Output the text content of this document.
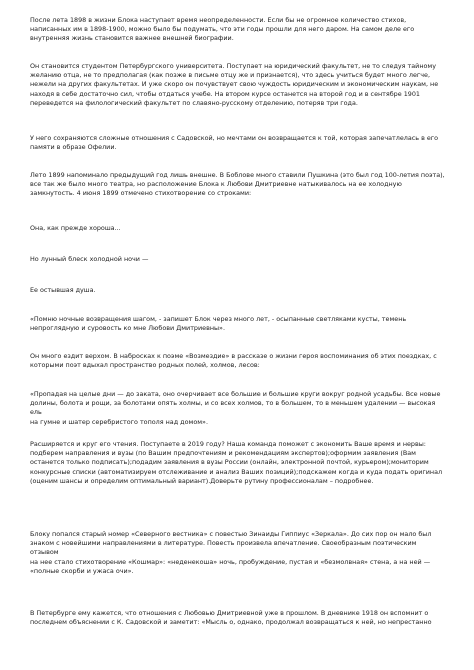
После лета 1898 в жизни Блока наступает время неопределенности. Если бы не огромное количество стихов,
написанных им в 1898-1900, можно было бы подумать, что эти годы прошли для него даром. На самом деле его
внутренняя жизнь становится важнее внешней биографии.

Он становится студентом Петербургского университета. Поступает на юридический факультет, не то следуя тайному
желанию отца, не то предполагая (как позже в письме отцу же и признается), что здесь учиться будет много легче,
нежели на других факультетах. И уже скоро он почувствует свою чуждость юридическим и экономическим наукам, не
находя в себе достаточно сил, чтобы отдаться учебе. На втором курсе останется на второй год и в сентябре 1901
переведется на филологический факультет по славяно-русскому отделению, потеряв три года.

У него сохраняются сложные отношения с Садовской, но мечтами он возвращается к той, которая запечатлелась в его
памяти в образе Офелии.

Лето 1899 напоминало предыдущий год лишь внешне. В Боблове много ставили Пушкина (это был год 100-летия поэта),
все так же было много театра, но расположение Блока к Любови Дмитриевне натыкивалось на ее холодную
замкнутость. 4 июня 1899 отмечено стихотворение со строками:

Она, как прежде хороша...

Но лунный блеск холодной ночи —

Ее остывшая душа.

«Помню ночные возвращения шагом, - запишет Блок через много лет, - осыпанные светляками кусты, темень
непроглядную и суровость ко мне Любови Дмитриевны».

Он много ездит верхом. В набросках к поэме «Возмездие» в рассказе о жизни героя воспоминания об этих поездках, с
которыми поэт вдыхал пространство родных полей, холмов, лесов:

«Пропадая на целые дни — до заката, оно очерчивает все большие и большие круги вокруг родной усадьбы. Все новые
долины, болота и рощи, за болотами опять холмы, и со всех холмов, то в большем, то в меньшем удалении — высокая ель
на гумне и шатер серебристого тополя над домом».

Расширяется и круг его чтения. Поступаете в 2019 году? Наша команда поможет с экономить Ваше время и нервы:
подберем направления и вузы (по Вашим предпочтениям и рекомендациям экспертов);оформим заявления (Вам
останется только подписать);подадим заявления в вузы России (онлайн, электронной почтой, курьером);мониторим
конкурсные списки (автоматизируем отслеживание и анализ Ваших позиций);подскажем когда и куда подать оригинал
(оценим шансы и определим оптимальный вариант).Доверьте рутину профессионалам – подробнее.

Блоку попался старый номер «Северного вестника» с повестью Зинаиды Гиппиус «Зеркала». До сих пор он мало был
знаком с новейшими направлениями в литературе. Повесть произвела впечатление. Своеобразным поэтическим отзывом
на нее стало стихотворение «Кошмар»: «неденекоша» ночь, пробуждение, пустая и «безмолвная» стена, а на ней —
«полные скорби и ужаса очи».

В Петербурге ему кажется, что отношения с Любовью Дмитриевной уже в прошлом. В дневнике 1918 он вспомнит о
последнем объяснении с К. Садовской и заметит: «Мысль о, однако, продолжал возвращаться к ней, но непрестанно
